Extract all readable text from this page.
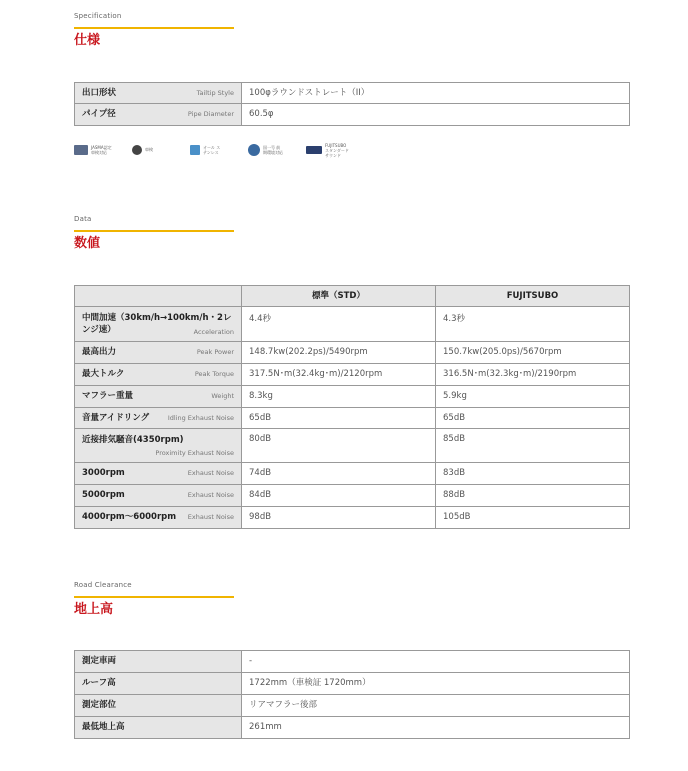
Specification
仕様
出口形状 Tailtip Style	100φラウンドストレート（II）
パイプ径 Pipe Diameter	60.5φ
JASMA認定 車検対応
車検	オール ステンレス
国一号 前期環境対応
FUJITSUBO スタンダード サウンド
Data
数値
	標準（STD）	FUJITSUBO

中間加速（30km/h→100km/h・2レンジ速） Acceleration	4.4秒	4.3秒
最高出力 Peak Power	148.7kw(202.2ps)/5490rpm	150.7kw(205.0ps)/5670rpm
最大トルク Peak Torque	317.5N･m(32.4kg･m)/2120rpm	316.5N･m(32.3kg･m)/2190rpm
マフラー重量 Weight	8.3kg	5.9kg
音量アイドリング Idling Exhaust Noise	65dB	65dB

近接排気騒音(4350rpm)
Proximity Exhaust Noise	80dB	85dB
3000rpm Exhaust Noise	74dB	83dB
5000rpm Exhaust Noise	84dB	88dB
4000rpm～6000rpm Exhaust Noise	98dB	105dB
Road Clearance
地上高
測定車両	-
ルーフ高	1722mm（車検証 1720mm）
測定部位	リアマフラー後部
最低地上高	261mm
